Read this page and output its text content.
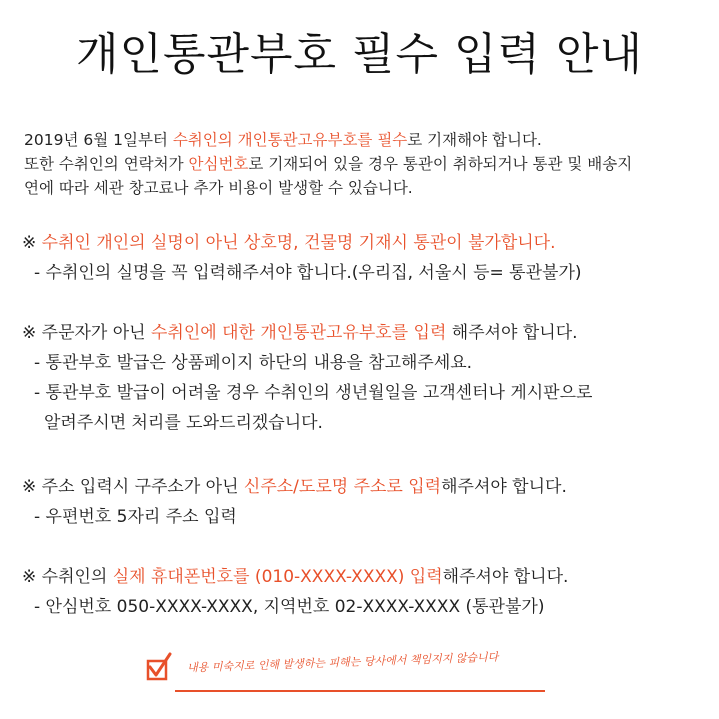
개인통관부호 필수 입력 안내

2019년 6월 1일부터 수취인의 개인통관고유부호를 필수로 기재해야 합니다.

또한 수취인의 연락처가 안심번호로 기재되어 있을 경우 통관이 취하되거나 통관 및 배송지

연에 따라 세관 창고료나 추가 비용이 발생할 수 있습니다.

※ 수취인 개인의 실명이 아닌 상호명, 건물명 기재시 통관이 불가합니다.

- 수취인의 실명을 꼭 입력해주셔야 합니다.(우리집, 서울시 등= 통관불가)

※ 주문자가 아닌 수취인에 대한 개인통관고유부호를 입력 해주셔야 합니다.

- 통관부호 발급은 상품페이지 하단의 내용을 참고해주세요.

- 통관부호 발급이 어려울 경우 수취인의 생년월일을 고객센터나 게시판으로

알려주시면 처리를 도와드리겠습니다.

※ 주소 입력시 구주소가 아닌 신주소/도로명 주소로 입력해주셔야 합니다.

- 우편번호 5자리 주소 입력

※ 수취인의 실제 휴대폰번호를 (010-XXXX-XXXX) 입력해주셔야 합니다.

- 안심번호 050-XXXX-XXXX, 지역번호 02-XXXX-XXXX (통관불가)

내용 미숙지로 인해 발생하는 피해는 당사에서 책임지지 않습니다
